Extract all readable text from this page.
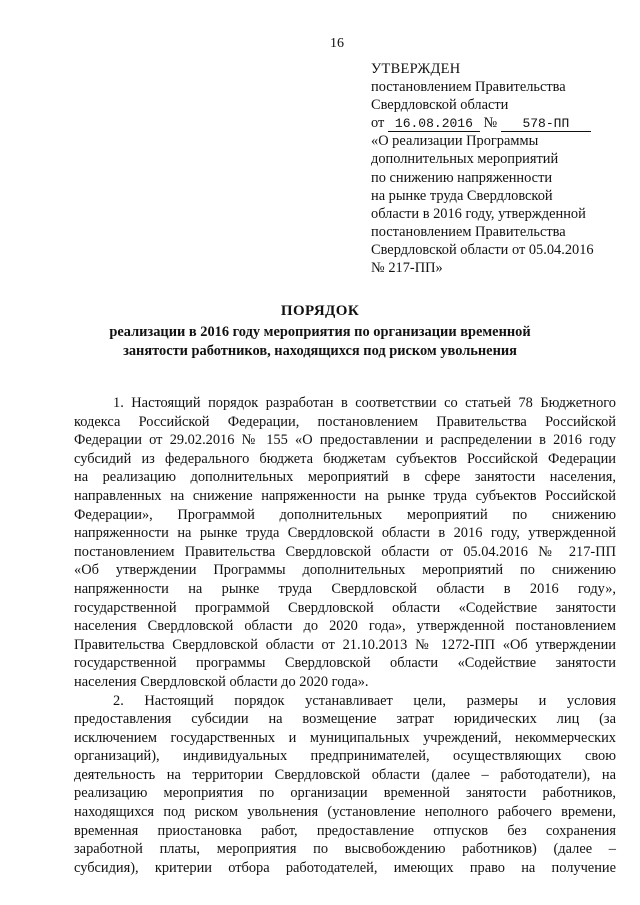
16
УТВЕРЖДЕН
постановлением Правительства
Свердловской области
от 16.08.2016 № 578-ПП
«О реализации Программы
дополнительных мероприятий
по снижению напряженности
на рынке труда Свердловской
области в 2016 году, утвержденной
постановлением Правительства
Свердловской области от 05.04.2016
№ 217-ПП»
ПОРЯДОК
реализации в 2016 году мероприятия по организации временной
занятости работников, находящихся под риском увольнения
1. Настоящий порядок разработан в соответствии со статьей 78 Бюджетного
кодекса Российской Федерации, постановлением Правительства Российской
Федерации от 29.02.2016 № 155 «О предоставлении и распределении в 2016 году
субсидий из федерального бюджета бюджетам субъектов Российской Федерации
на реализацию дополнительных мероприятий в сфере занятости населения,
направленных на снижение напряженности на рынке труда субъектов Российской
Федерации», Программой дополнительных мероприятий по снижению
напряженности на рынке труда Свердловской области в 2016 году, утвержденной
постановлением Правительства Свердловской области от 05.04.2016 № 217-ПП
«Об утверждении Программы дополнительных мероприятий по снижению
напряженности на рынке труда Свердловской области в 2016 году»,
государственной программой Свердловской области «Содействие занятости
населения Свердловской области до 2020 года», утвержденной постановлением
Правительства Свердловской области от 21.10.2013 № 1272-ПП «Об утверждении
государственной программы Свердловской области «Содействие занятости
населения Свердловской области до 2020 года».
2. Настоящий порядок устанавливает цели, размеры и условия
предоставления субсидии на возмещение затрат юридических лиц (за
исключением государственных и муниципальных учреждений, некоммерческих
организаций), индивидуальных предпринимателей, осуществляющих свою
деятельность на территории Свердловской области (далее – работодатели), на
реализацию мероприятия по организации временной занятости работников,
находящихся под риском увольнения (установление неполного рабочего времени,
временная приостановка работ, предоставление отпусков без сохранения
заработной платы, мероприятия по высвобождению работников) (далее –
субсидия), критерии отбора работодателей, имеющих право на получение
